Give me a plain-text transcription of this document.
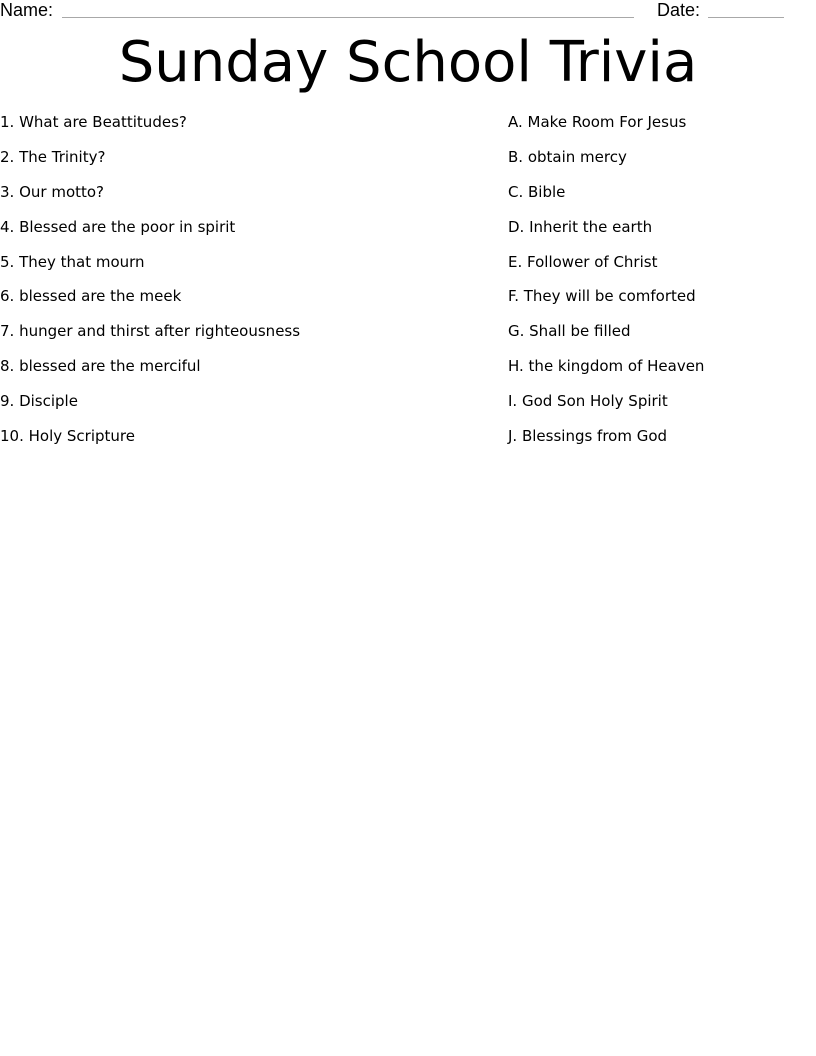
Name:	Date:
Sunday School Trivia
1. What are Beattitudes?
2. The Trinity?
3. Our motto?
4. Blessed are the poor in spirit
5. They that mourn
6. blessed are the meek
7. hunger and thirst after righteousness
8. blessed are the merciful
9. Disciple
10. Holy Scripture
A. Make Room For Jesus
B. obtain mercy
C. Bible
D. Inherit the earth
E. Follower of Christ
F. They will be comforted
G. Shall be filled
H. the kingdom of Heaven
I. God Son Holy Spirit
J. Blessings from God
